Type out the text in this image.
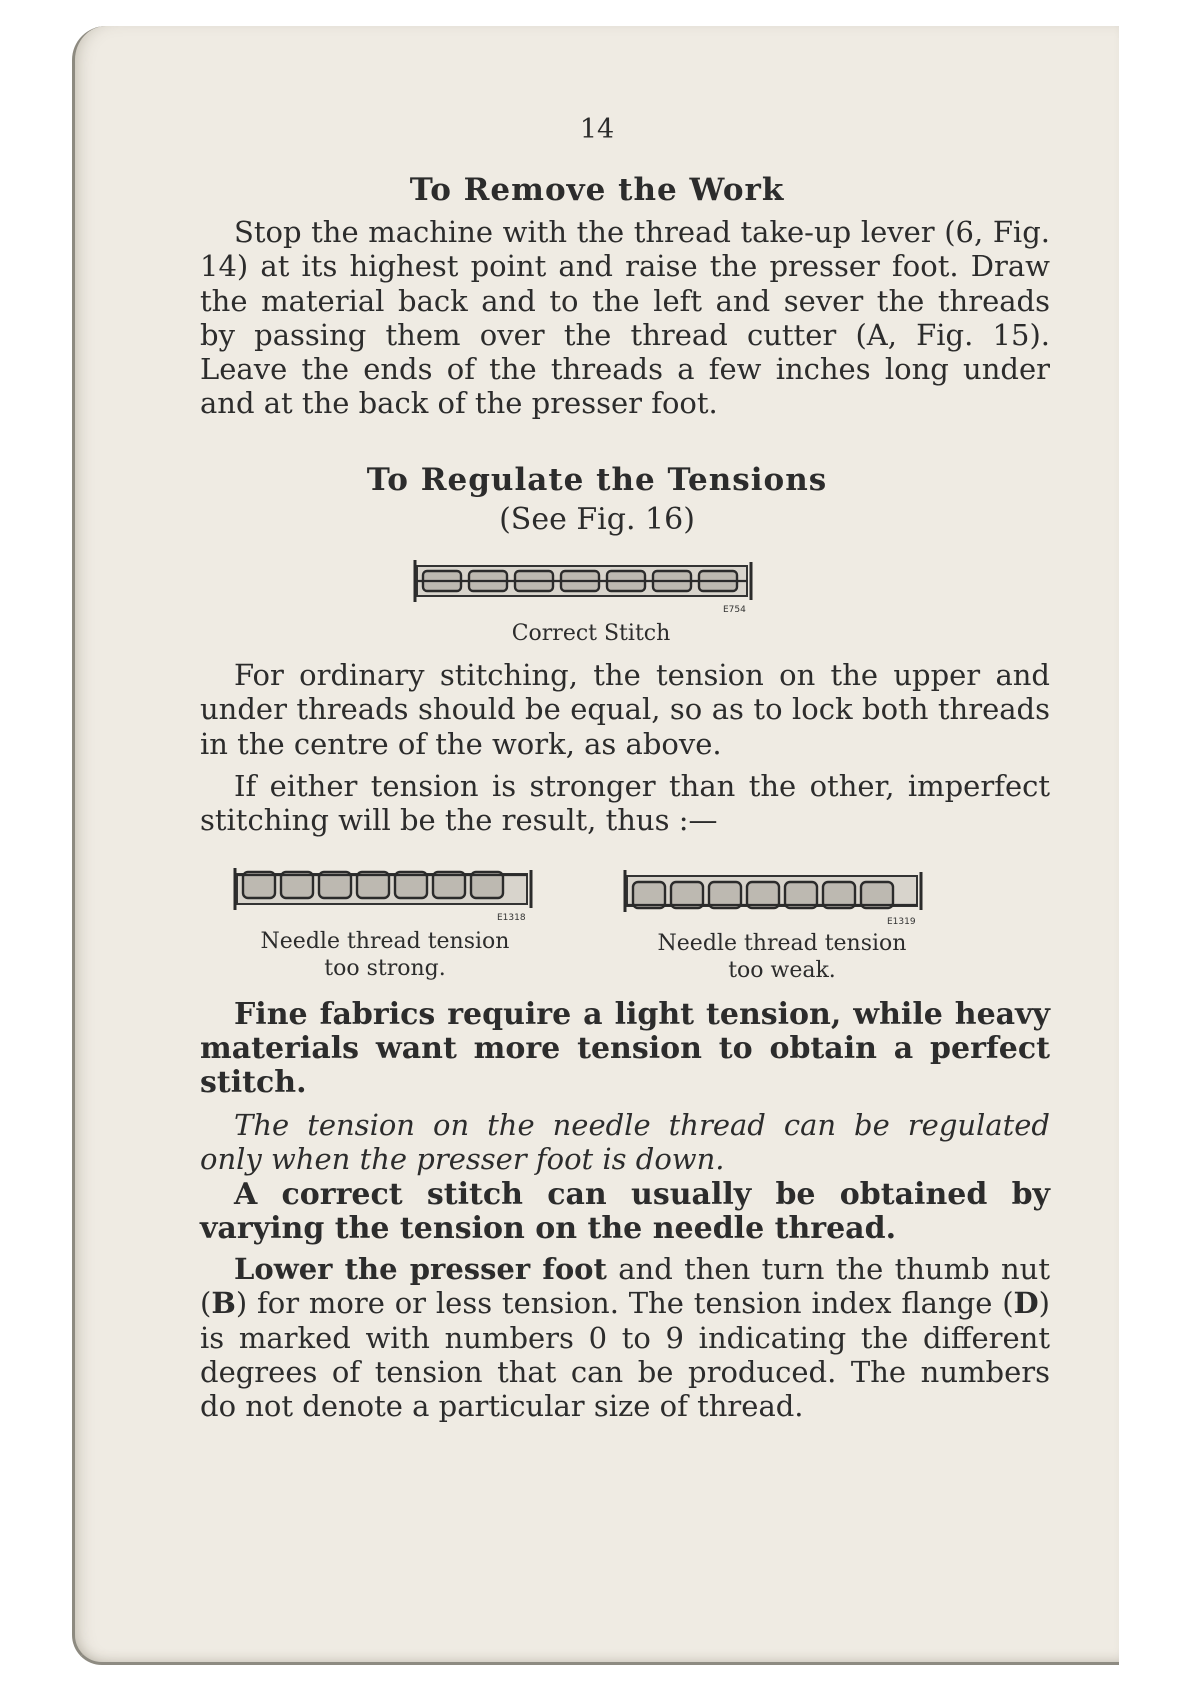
14
To Remove the Work
Stop the machine with the thread take-up lever (6, Fig. 14) at its highest point and raise the presser foot. Draw the material back and to the left and sever the threads by passing them over the thread cutter (A, Fig. 15). Leave the ends of the threads a few inches long under and at the back of the presser foot.
To Regulate the Tensions
(See Fig. 16)
E754
Correct Stitch
For ordinary stitching, the tension on the upper and under threads should be equal, so as to lock both threads in the centre of the work, as above.
If either tension is stronger than the other, imperfect stitching will be the result, thus :—
E1318
Needle thread tension
too strong.
E1319
Needle thread tension
too weak.
Fine fabrics require a light tension, while heavy materials want more tension to obtain a perfect stitch.
The tension on the needle thread can be regulated only when the presser foot is down.
A correct stitch can usually be obtained by varying the tension on the needle thread.
Lower the presser foot and then turn the thumb nut (B) for more or less tension. The tension index flange (D) is marked with numbers 0 to 9 indicating the different degrees of tension that can be produced. The numbers do not denote a particular size of thread.
